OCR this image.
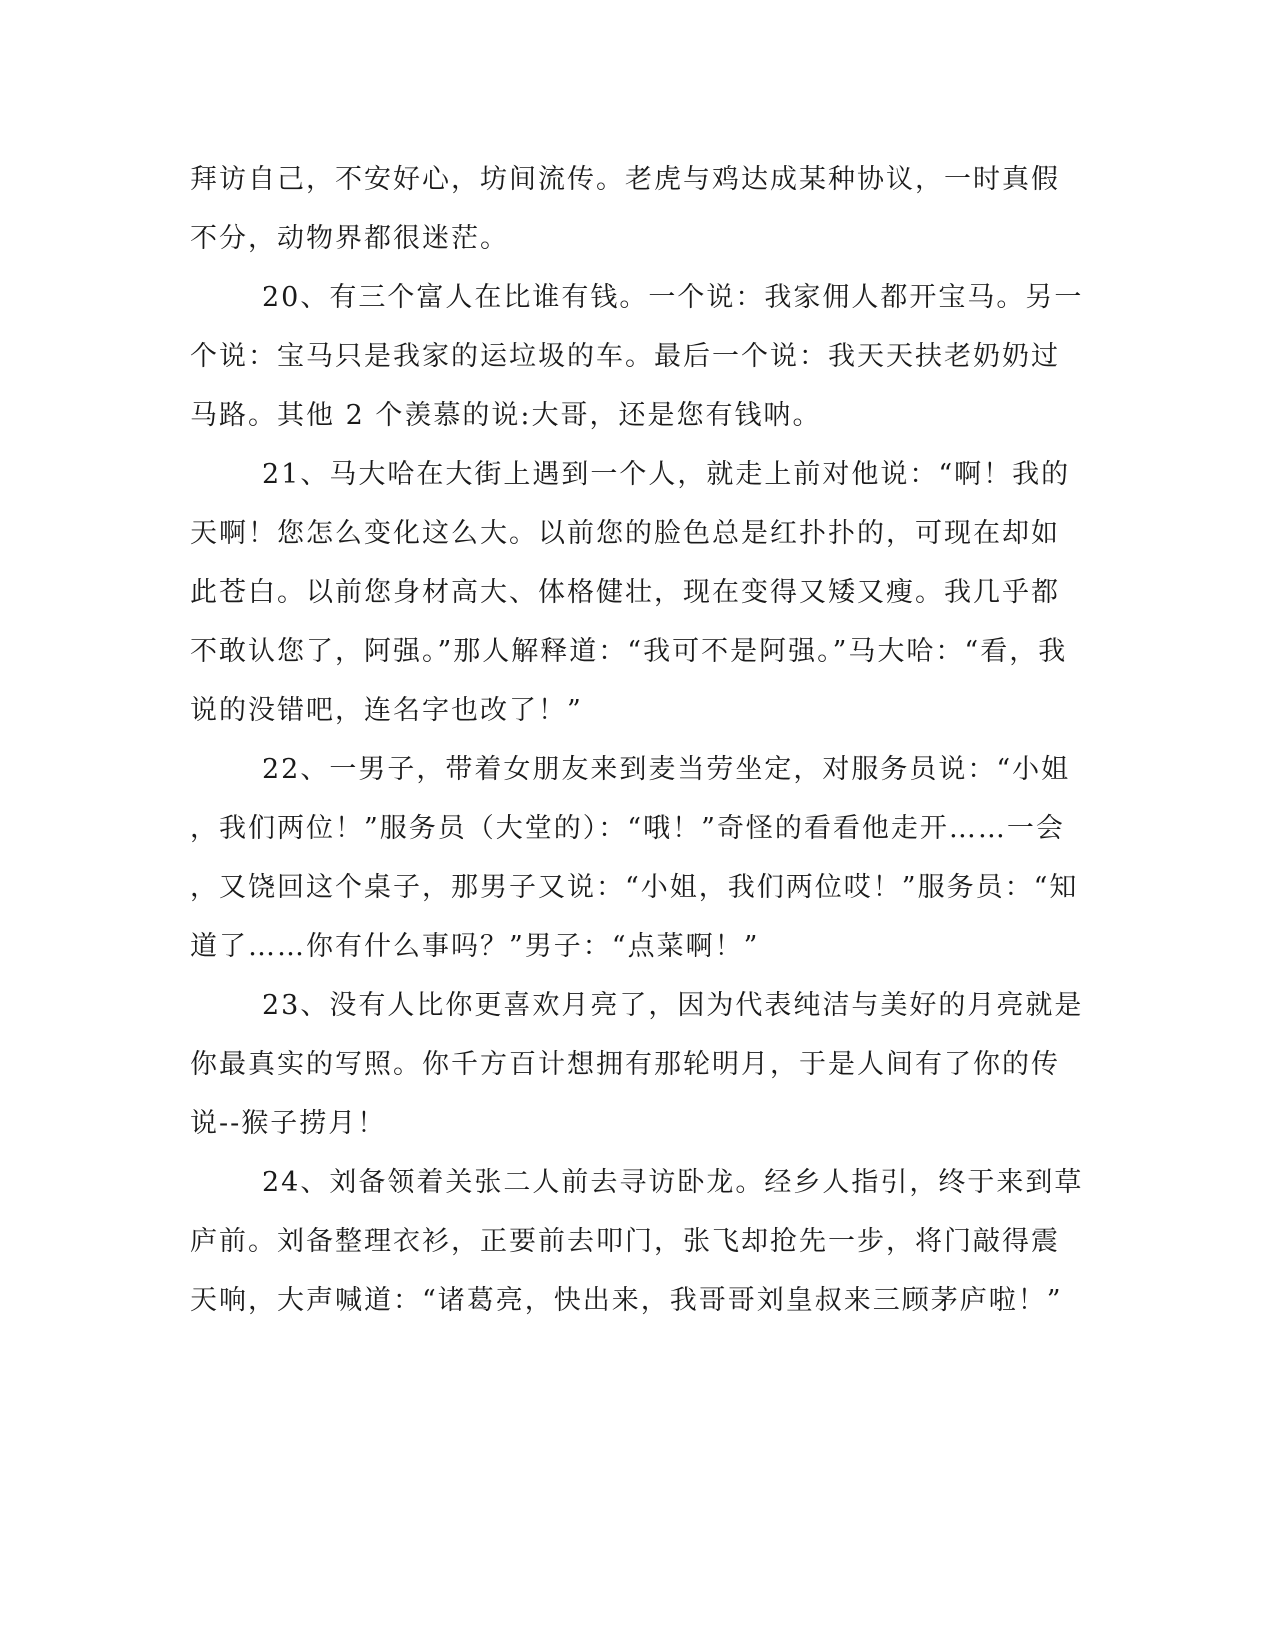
拜访自己，不安好心，坊间流传。老虎与鸡达成某种协议，一时真假
不分，动物界都很迷茫。
20、有三个富人在比谁有钱。一个说：我家佣人都开宝马。另一
个说：宝马只是我家的运垃圾的车。最后一个说：我天天扶老奶奶过
马路。其他 2 个羡慕的说:大哥，还是您有钱呐。
21、马大哈在大街上遇到一个人，就走上前对他说：“啊！我的
天啊！您怎么变化这么大。以前您的脸色总是红扑扑的，可现在却如
此苍白。以前您身材高大、体格健壮，现在变得又矮又瘦。我几乎都
不敢认您了，阿强。”那人解释道：“我可不是阿强。”马大哈：“看，我
说的没错吧，连名字也改了！”
22、一男子，带着女朋友来到麦当劳坐定，对服务员说：“小姐
，我们两位！”服务员（大堂的）：“哦！”奇怪的看看他走开……一会
，又饶回这个桌子，那男子又说：“小姐，我们两位哎！”服务员：“知
道了……你有什么事吗？”男子：“点菜啊！”
23、没有人比你更喜欢月亮了，因为代表纯洁与美好的月亮就是
你最真实的写照。你千方百计想拥有那轮明月，于是人间有了你的传
说--猴子捞月！
24、刘备领着关张二人前去寻访卧龙。经乡人指引，终于来到草
庐前。刘备整理衣衫，正要前去叩门，张飞却抢先一步，将门敲得震
天响，大声喊道：“诸葛亮，快出来，我哥哥刘皇叔来三顾茅庐啦！”
